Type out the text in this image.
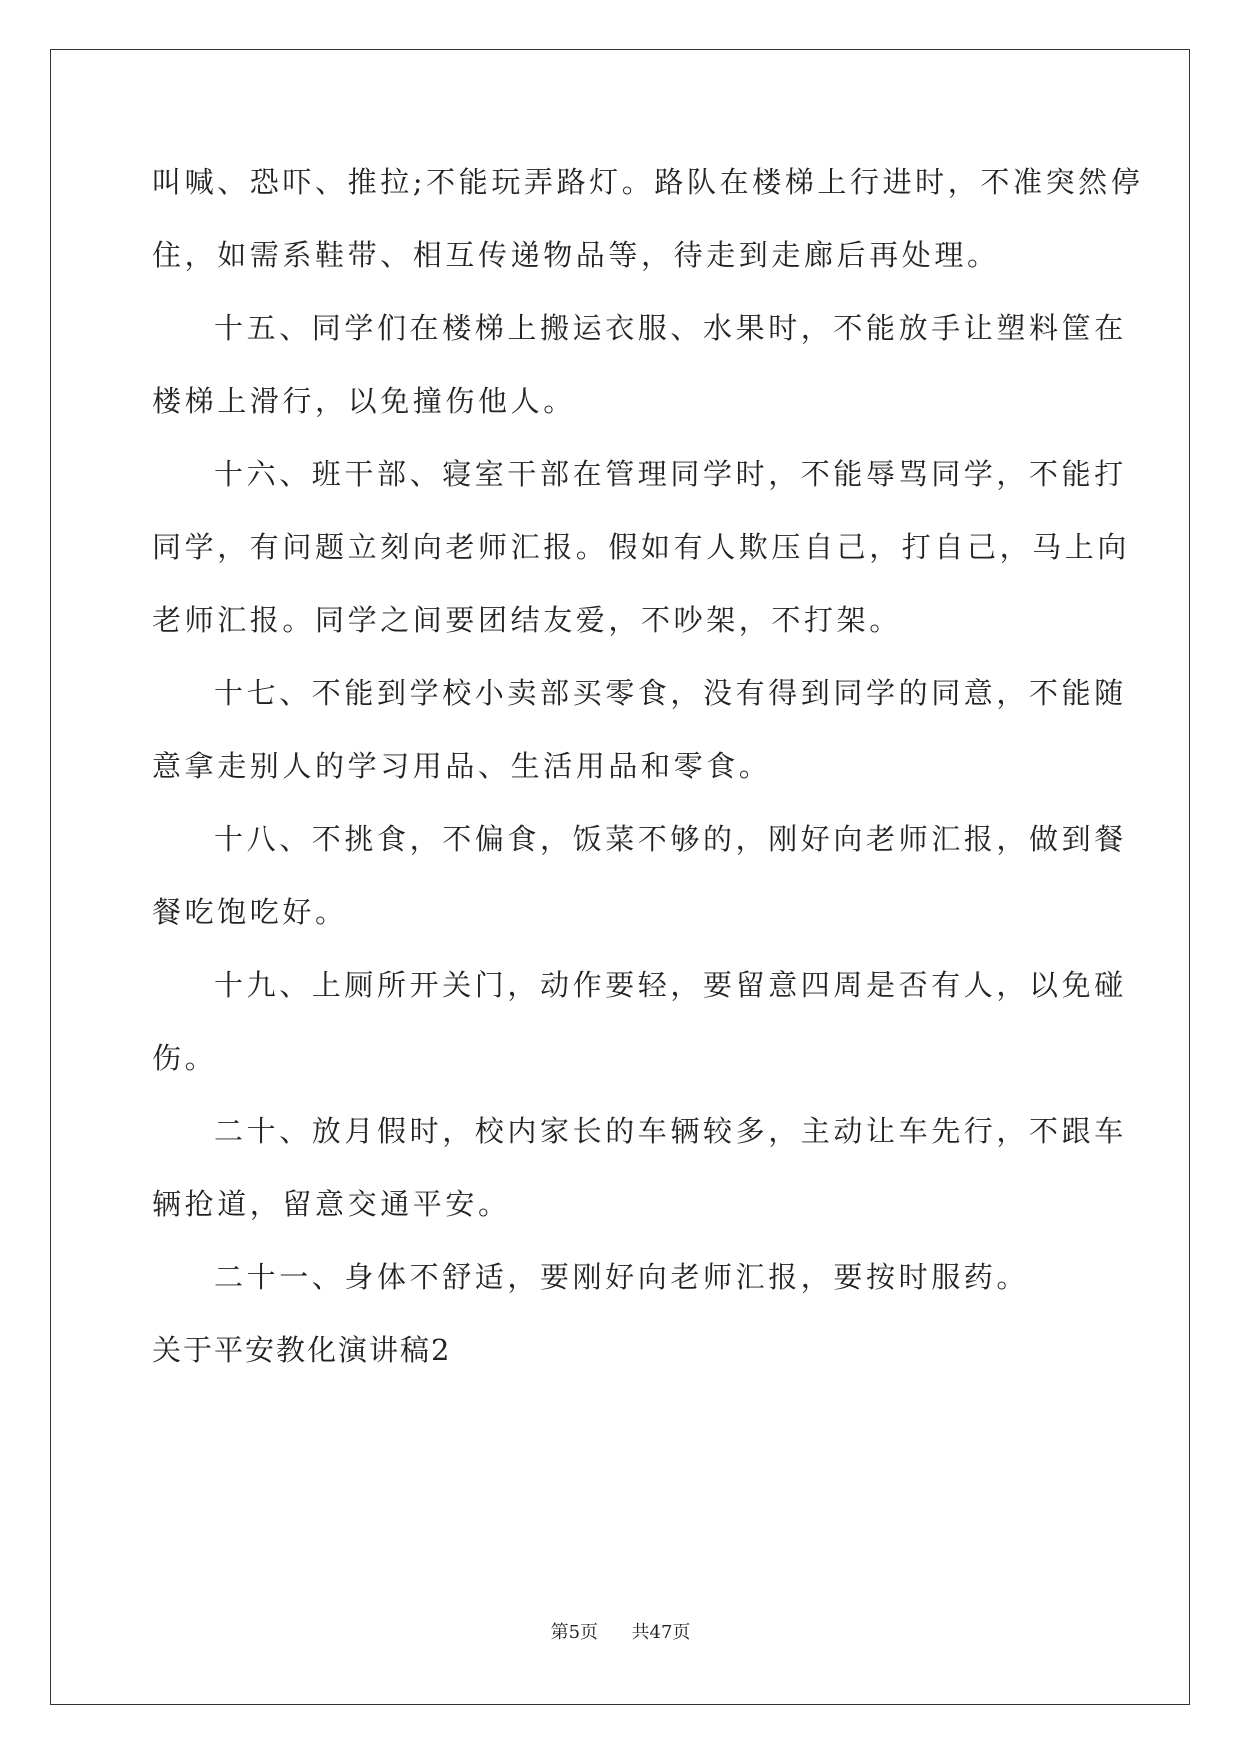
叫喊、恐吓、推拉;不能玩弄路灯。路队在楼梯上行进时，不准突然停

住，如需系鞋带、相互传递物品等，待走到走廊后再处理。

十五、同学们在楼梯上搬运衣服、水果时，不能放手让塑料筐在

楼梯上滑行，以免撞伤他人。

十六、班干部、寝室干部在管理同学时，不能辱骂同学，不能打

同学，有问题立刻向老师汇报。假如有人欺压自己，打自己，马上向

老师汇报。同学之间要团结友爱，不吵架，不打架。

十七、不能到学校小卖部买零食，没有得到同学的同意，不能随

意拿走别人的学习用品、生活用品和零食。

十八、不挑食，不偏食，饭菜不够的，刚好向老师汇报，做到餐

餐吃饱吃好。

十九、上厕所开关门，动作要轻，要留意四周是否有人，以免碰

伤。

二十、放月假时，校内家长的车辆较多，主动让车先行，不跟车

辆抢道，留意交通平安。

二十一、身体不舒适，要刚好向老师汇报，要按时服药。

关于平安教化演讲稿2

第5页 共47页
